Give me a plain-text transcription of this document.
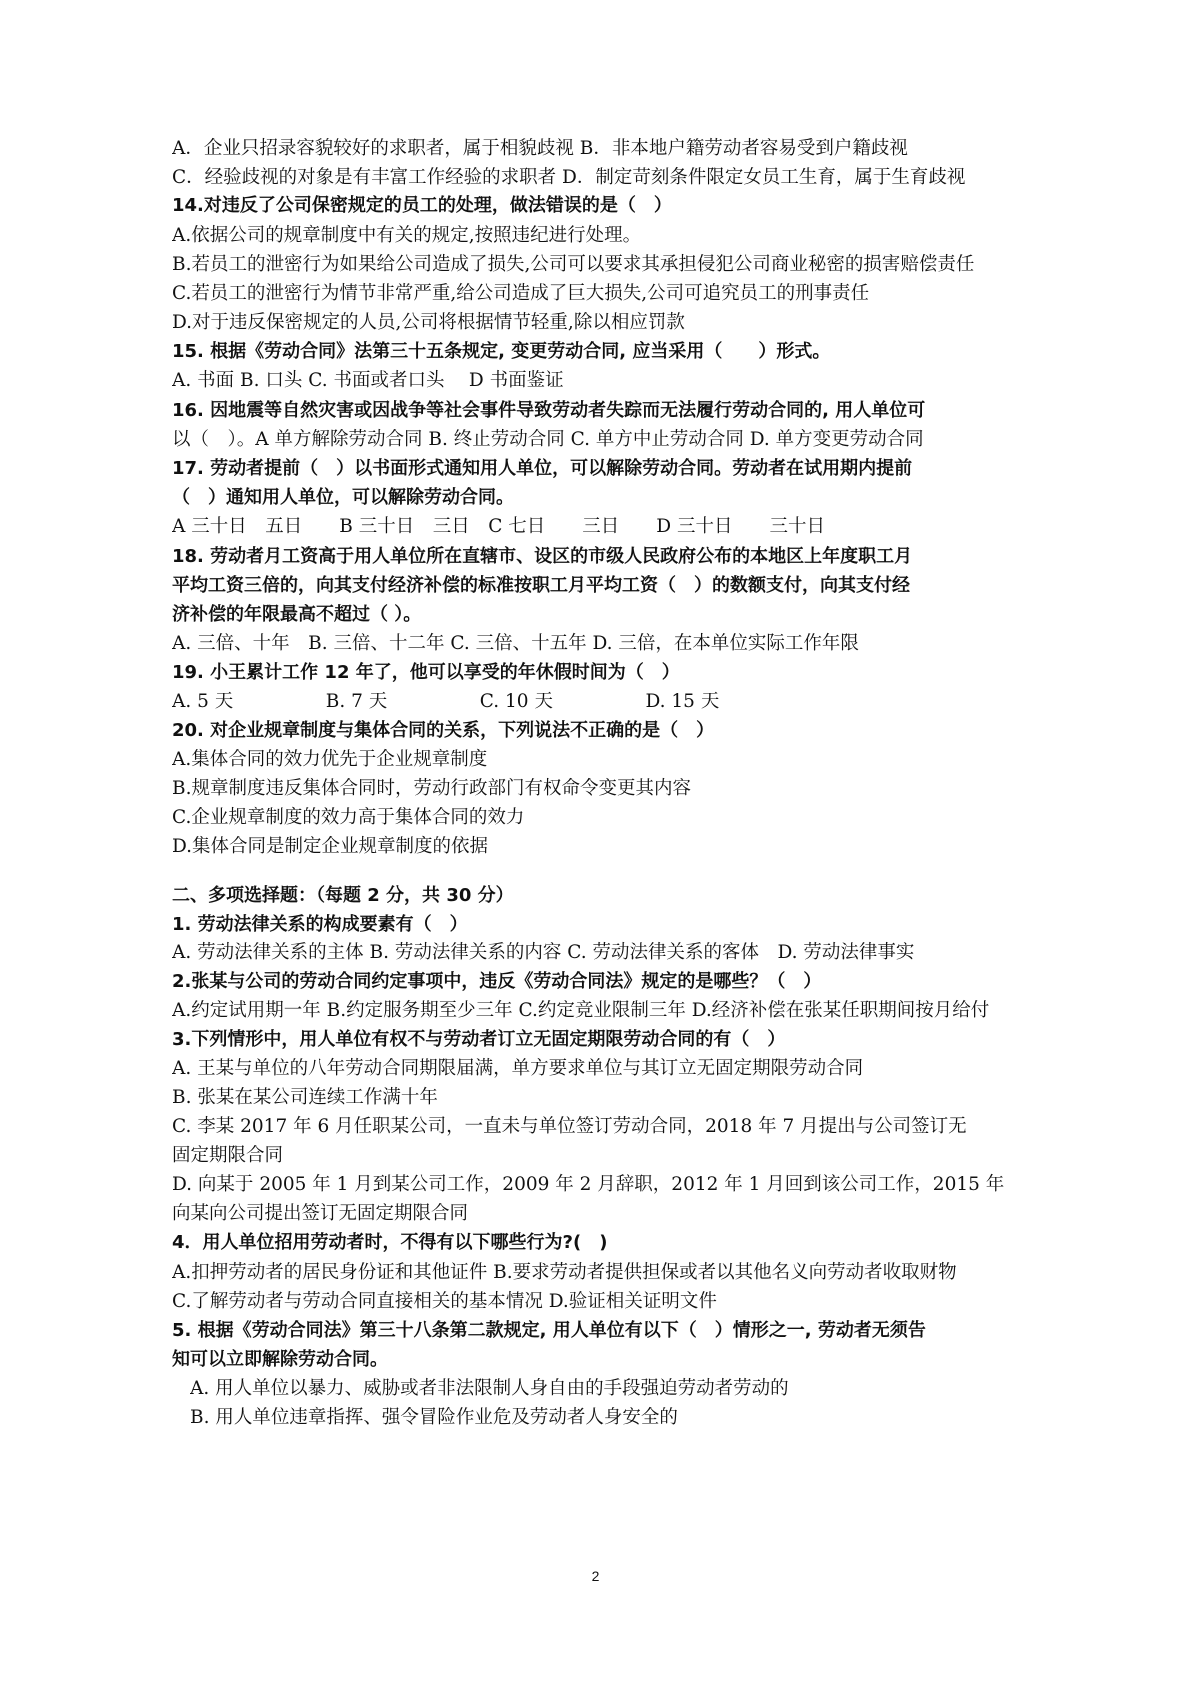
A．企业只招录容貌较好的求职者，属于相貌歧视 B．非本地户籍劳动者容易受到户籍歧视
C．经验歧视的对象是有丰富工作经验的求职者 D．制定苛刻条件限定女员工生育，属于生育歧视
14.对违反了公司保密规定的员工的处理，做法错误的是（　）
A.依据公司的规章制度中有关的规定,按照违纪进行处理。
B.若员工的泄密行为如果给公司造成了损失,公司可以要求其承担侵犯公司商业秘密的损害赔偿责任
C.若员工的泄密行为情节非常严重,给公司造成了巨大损失,公司可追究员工的刑事责任
D.对于违反保密规定的人员,公司将根据情节轻重,除以相应罚款
15. 根据《劳动合同》法第三十五条规定, 变更劳动合同, 应当采用（　　）形式。
A. 书面 B. 口头 C. 书面或者口头 　D 书面鉴证
16. 因地震等自然灾害或因战争等社会事件导致劳动者失踪而无法履行劳动合同的, 用人单位可
以（　）。A 单方解除劳动合同 B. 终止劳动合同 C. 单方中止劳动合同 D. 单方变更劳动合同
17. 劳动者提前（　）以书面形式通知用人单位，可以解除劳动合同。劳动者在试用期内提前
（　）通知用人单位，可以解除劳动合同。
A 三十日　五日　　B 三十日　三日　C 七日　　三日　　D 三十日　　三十日
18. 劳动者月工资高于用人单位所在直辖市、设区的市级人民政府公布的本地区上年度职工月
平均工资三倍的，向其支付经济补偿的标准按职工月平均工资（　）的数额支付，向其支付经
济补偿的年限最高不超过（ ）。
A. 三倍、十年　B. 三倍、十二年 C. 三倍、十五年 D. 三倍，在本单位实际工作年限
19. 小王累计工作 12 年了，他可以享受的年休假时间为（　）
A. 5 天　　　　　B. 7 天　　　　　C. 10 天　　　　　D. 15 天
20. 对企业规章制度与集体合同的关系，下列说法不正确的是（　）
A.集体合同的效力优先于企业规章制度
B.规章制度违反集体合同时，劳动行政部门有权命令变更其内容
C.企业规章制度的效力高于集体合同的效力
D.集体合同是制定企业规章制度的依据
二、多项选择题：（每题 2 分，共 30 分）
1. 劳动法律关系的构成要素有（　）
A. 劳动法律关系的主体 B. 劳动法律关系的内容 C. 劳动法律关系的客体　D. 劳动法律事实
2.张某与公司的劳动合同约定事项中，违反《劳动合同法》规定的是哪些？（　）
A.约定试用期一年 B.约定服务期至少三年 C.约定竞业限制三年 D.经济补偿在张某任职期间按月给付
3.下列情形中，用人单位有权不与劳动者订立无固定期限劳动合同的有（　）
A. 王某与单位的八年劳动合同期限届满，单方要求单位与其订立无固定期限劳动合同
B. 张某在某公司连续工作满十年
C. 李某 2017 年 6 月任职某公司，一直未与单位签订劳动合同，2018 年 7 月提出与公司签订无
固定期限合同
D. 向某于 2005 年 1 月到某公司工作，2009 年 2 月辞职，2012 年 1 月回到该公司工作，2015 年
向某向公司提出签订无固定期限合同
4．用人单位招用劳动者时，不得有以下哪些行为?(　)
A.扣押劳动者的居民身份证和其他证件 B.要求劳动者提供担保或者以其他名义向劳动者收取财物
C.了解劳动者与劳动合同直接相关的基本情况 D.验证相关证明文件
5. 根据《劳动合同法》第三十八条第二款规定, 用人单位有以下（　）情形之一, 劳动者无须告
知可以立即解除劳动合同。
A. 用人单位以暴力、威胁或者非法限制人身自由的手段强迫劳动者劳动的
B. 用人单位违章指挥、强令冒险作业危及劳动者人身安全的
2
